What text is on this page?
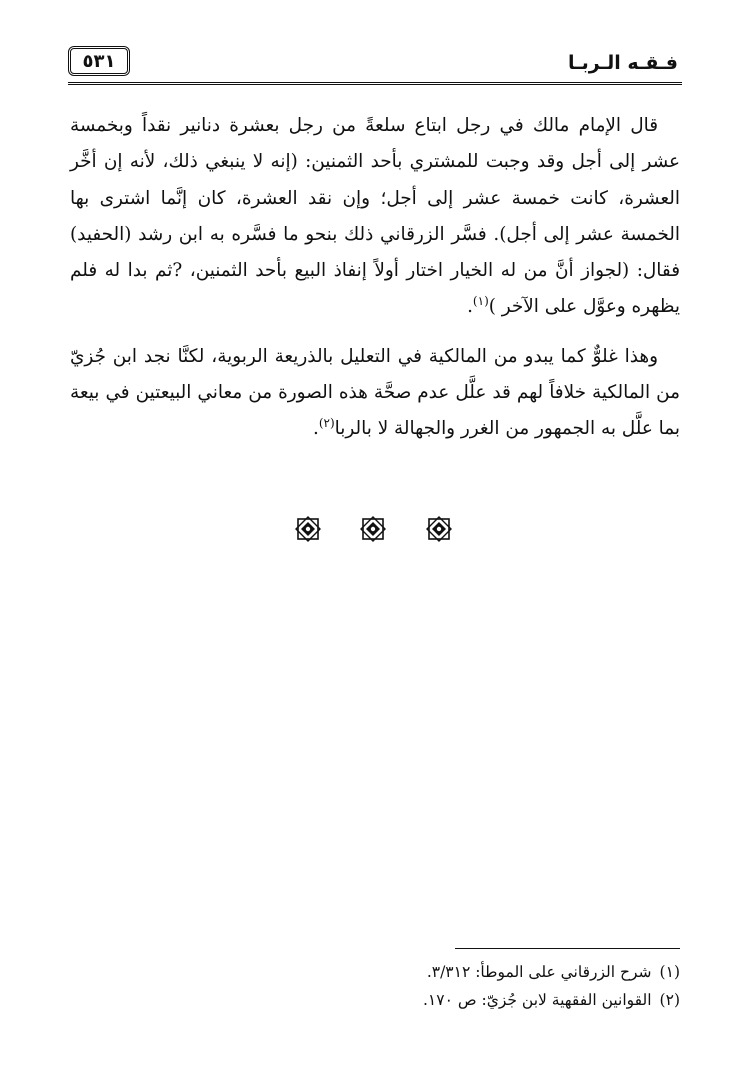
فـقـه الـربـا
٥٣١

قال الإمام مالك في رجل ابتاع سلعةً من رجل بعشرة دنانير نقداً وبخمسة عشر إلى أجل وقد وجبت للمشتري بأحد الثمنين: (إنه لا ينبغي ذلك، لأنه إن أخَّر العشرة، كانت خمسة عشر إلى أجل؛ وإن نقد العشرة، كان إنَّما اشترى بها الخمسة عشر إلى أجل). فسَّر الزرقاني ذلك بنحو ما فسَّره به ابن رشد (الحفيد) فقال: (لجواز أنَّ من له الخيار اختار أولاً إنفاذ البيع بأحد الثمنين، ?ثم بدا له فلم يظهره وعوَّل على الآخر )$^{(١)}$.

وهذا غلوٌّ كما يبدو من المالكية في التعليل بالذريعة الربوية، لكنَّا نجد ابن جُزيّ من المالكية خلافاً لهم قد علَّل عدم صحَّة هذه الصورة من معاني البيعتين في بيعة بما علَّل به الجمهور من الغرر والجهالة لا بالربا$^{(٢)}$.

(١)شرح الزرقاني على الموطأ: ٣/٣١٢.
(٢)القوانين الفقهية لابن جُزيّ: ص ١٧٠.
